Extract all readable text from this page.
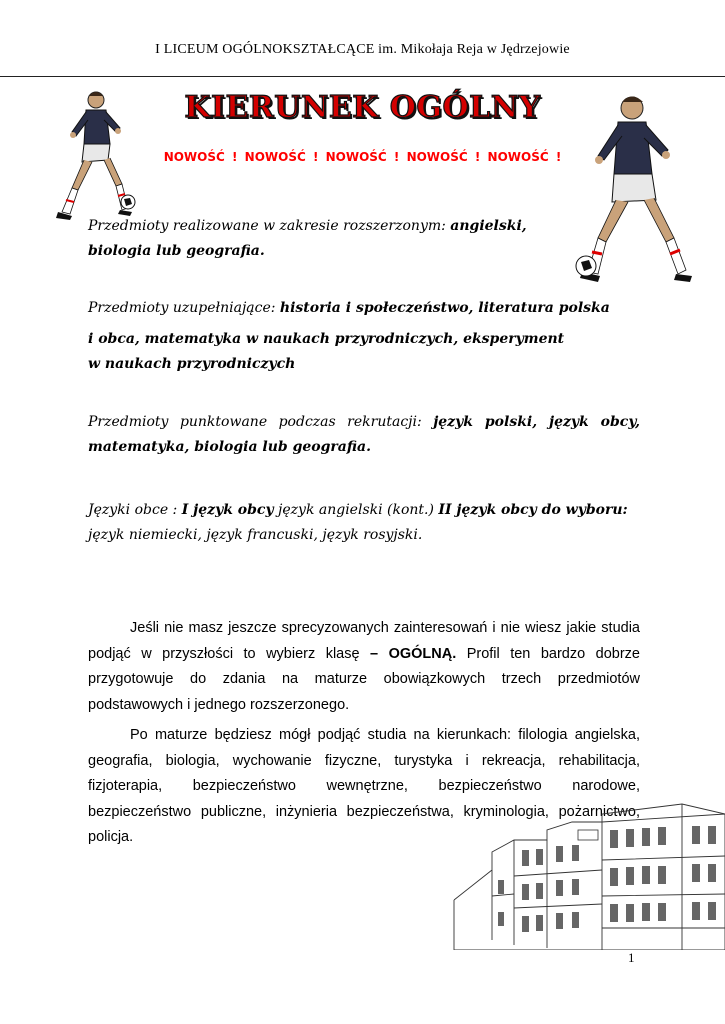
I LICEUM OGÓLNOKSZTAŁCĄCE im. Mikołaja Reja w Jędrzejowie
KIERUNEK OGÓLNY
NOWOŚĆ ! NOWOŚĆ ! NOWOŚĆ ! NOWOŚĆ ! NOWOŚĆ !
Przedmioty realizowane w zakresie rozszerzonym: angielski, biologia lub geografia.
Przedmioty uzupełniające: historia i społeczeństwo, literatura polska
i obca, matematyka w naukach przyrodniczych, eksperyment
w naukach przyrodniczych
Przedmioty punktowane podczas rekrutacji: język polski, język obcy,
matematyka, biologia lub geografia.
Języki obce : I język obcy język angielski (kont.) II język obcy do wyboru: język niemiecki, język francuski, język rosyjski.
Jeśli nie masz jeszcze sprecyzowanych zainteresowań i nie wiesz jakie studia podjąć w przyszłości to wybierz klasę – OGÓLNĄ. Profil ten bardzo dobrze przygotowuje do zdania na maturze obowiązkowych trzech przedmiotów podstawowych i jednego rozszerzonego.
Po maturze będziesz mógł podjąć studia na kierunkach: filologia angielska, geografia, biologia, wychowanie fizyczne, turystyka i rekreacja, rehabilitacja, fizjoterapia, bezpieczeństwo wewnętrzne, bezpieczeństwo narodowe, bezpieczeństwo publiczne, inżynieria bezpieczeństwa, kryminologia, pożarnictwo, policja.
1
